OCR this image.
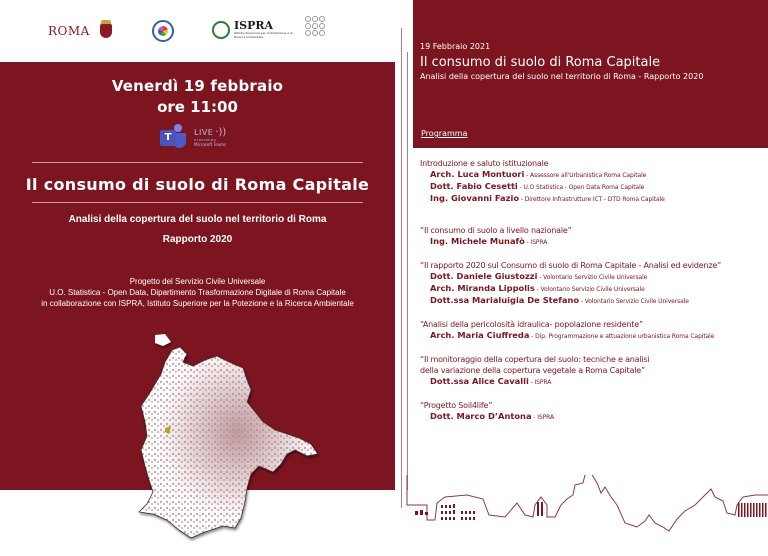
ROMA	ISPRA
Istituto Superiore per la Protezione e la Ricerca Ambientale
Venerdì 19 febbraio
ore 11:00
T	LIVE ·))
STREAMING
Microsoft Teams
Il consumo di suolo di Roma Capitale
Analisi della copertura del suolo nel territorio di Roma
Rapporto 2020
Progetto del Servizio Civile Universale
U.O. Statistica - Open Data, Dipartimento Trasformazione Digitale di Roma Capitale
in collaborazione con ISPRA, Istituto Superiore per la Potezione e la Ricerca Ambientale
19 Febbraio 2021
Il consumo di suolo di Roma Capitale
Analisi della copertura del suolo nel territorio di Roma - Rapporto 2020
Programma
Introduzione e saluto istituzionale
Arch. Luca Montuori - Assessore all'Urbanistica Roma Capitale
Dott. Fabio Cesetti - U.O Statistica - Open Data Roma Capitale
Ing. Giovanni Fazio - Direttore Infrastrutture ICT - DTD Roma Capitale
“Il consumo di suolo a livello nazionale”
Ing. Michele Munafò - ISPRA
“Il rapporto 2020 sul Consumo di suolo di Roma Capitale - Analisi ed evidenze”
Dott. Daniele Giustozzi - Volontario Servizio Civile Universale
Arch. Miranda Lippolis - Volontario Servizio Civile Universale
Dott.ssa Marialuigia De Stefano - Volontario Servizio Civile Universale
“Analisi della pericolosità idraulica- popolazione residente”
Arch. Maria Ciuffreda - Dip. Programmazione e attuazione urbanistica Roma Capitale
“Il monitoraggio della copertura del suolo: tecniche e analisi
della variazione della copertura vegetale a Roma Capitale”
Dott.ssa Alice Cavalli - ISPRA
“Progetto Soil4life”
Dott. Marco D’Antona - ISPRA
